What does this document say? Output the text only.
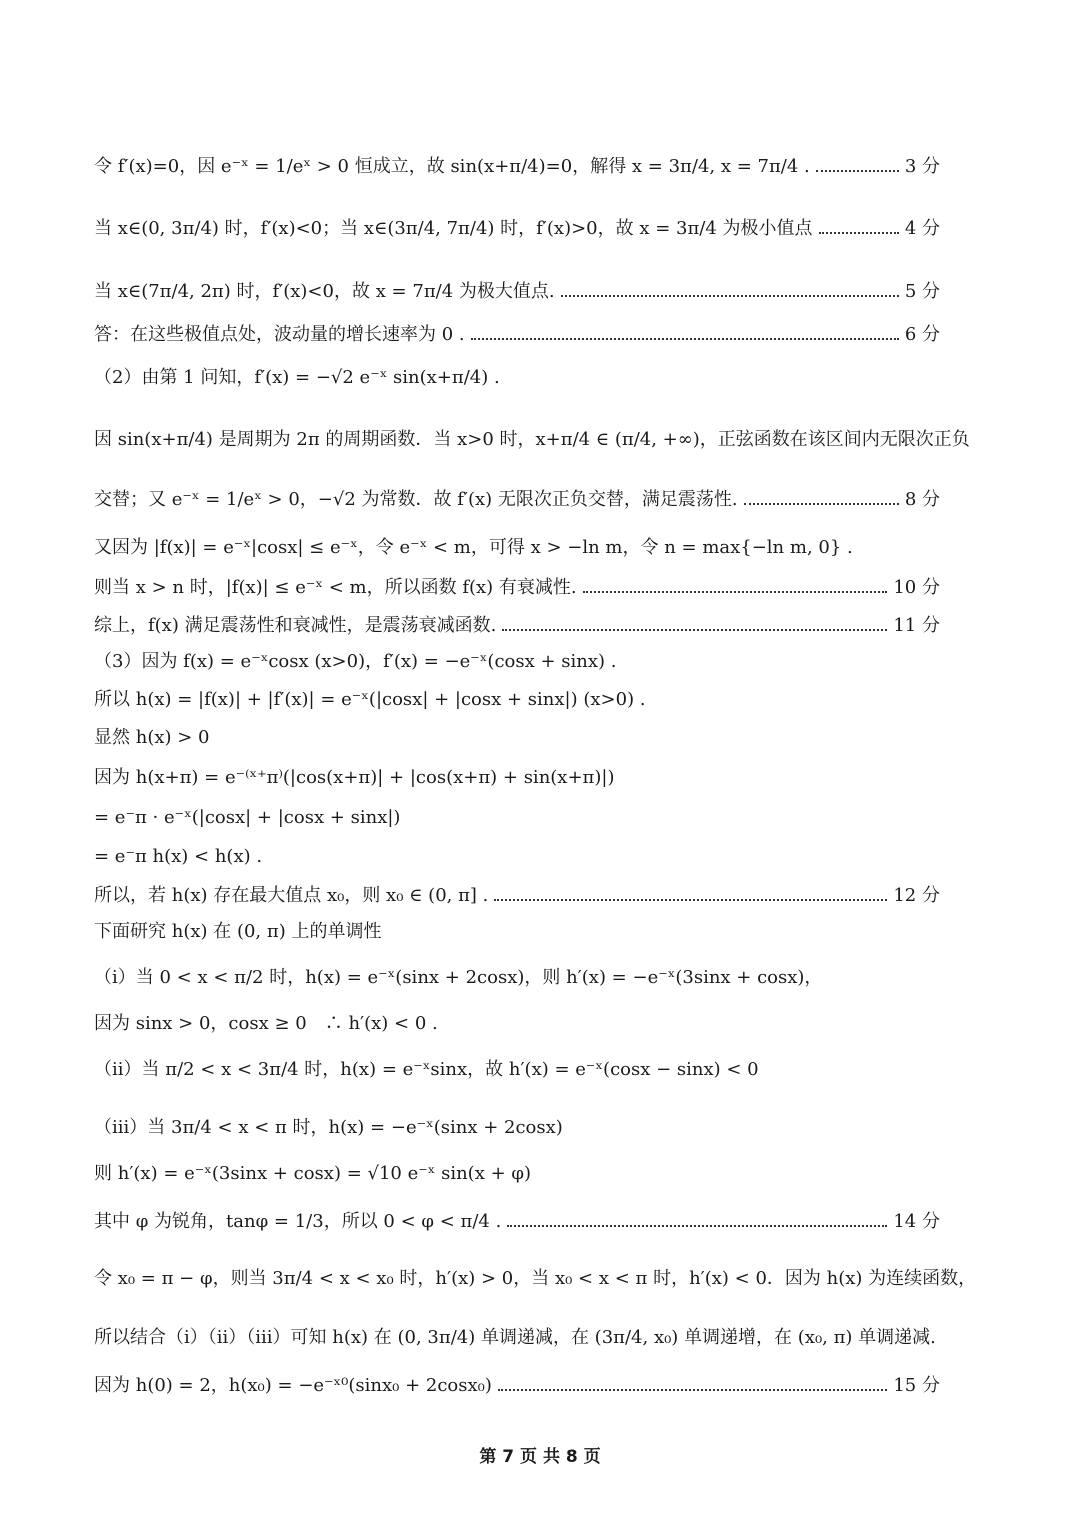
令 f′(x)=0，因 e⁻ˣ = 1/eˣ > 0 恒成立，故 sin(x+π/4)=0，解得 x = 3π/4, x = 7π/4 .	3 分
当 x∈(0, 3π/4) 时，f′(x)<0；当 x∈(3π/4, 7π/4) 时，f′(x)>0，故 x = 3π/4 为极小值点	4 分
当 x∈(7π/4, 2π) 时，f′(x)<0，故 x = 7π/4 为极大值点.	5 分
答：在这些极值点处，波动量的增长速率为 0 .	6 分
（2）由第 1 问知，f′(x) = −√2 e⁻ˣ sin(x+π/4) .
因 sin(x+π/4) 是周期为 2π 的周期函数．当 x>0 时，x+π/4 ∈ (π/4, +∞)，正弦函数在该区间内无限次正负
交替；又 e⁻ˣ = 1/eˣ > 0，−√2 为常数．故 f′(x) 无限次正负交替，满足震荡性.	8 分
又因为 |f(x)| = e⁻ˣ|cosx| ≤ e⁻ˣ，令 e⁻ˣ < m，可得 x > −ln m，令 n = max{−ln m, 0} .
则当 x > n 时，|f(x)| ≤ e⁻ˣ < m，所以函数 f(x) 有衰减性.	10 分
综上，f(x) 满足震荡性和衰减性，是震荡衰减函数.	11 分
（3）因为 f(x) = e⁻ˣcosx (x>0)，f′(x) = −e⁻ˣ(cosx + sinx) .
所以 h(x) = |f(x)| + |f′(x)| = e⁻ˣ(|cosx| + |cosx + sinx|) (x>0) .
显然 h(x) > 0
因为 h(x+π) = e⁻⁽ˣ⁺π⁾(|cos(x+π)| + |cos(x+π) + sin(x+π)|)
= e⁻π · e⁻ˣ(|cosx| + |cosx + sinx|)
= e⁻π h(x) < h(x) .
所以，若 h(x) 存在最大值点 x₀，则 x₀ ∈ (0, π] .	12 分
下面研究 h(x) 在 (0, π) 上的单调性
（i）当 0 < x < π/2 时，h(x) = e⁻ˣ(sinx + 2cosx)，则 h′(x) = −e⁻ˣ(3sinx + cosx)，
因为 sinx > 0，cosx ≥ 0　∴ h′(x) < 0 .
（ii）当 π/2 < x < 3π/4 时，h(x) = e⁻ˣsinx，故 h′(x) = e⁻ˣ(cosx − sinx) < 0
（iii）当 3π/4 < x < π 时，h(x) = −e⁻ˣ(sinx + 2cosx)
则 h′(x) = e⁻ˣ(3sinx + cosx) = √10 e⁻ˣ sin(x + φ)
其中 φ 为锐角，tanφ = 1/3，所以 0 < φ < π/4 .	14 分
令 x₀ = π − φ，则当 3π/4 < x < x₀ 时，h′(x) > 0，当 x₀ < x < π 时，h′(x) < 0．因为 h(x) 为连续函数，
所以结合（i）（ii）（iii）可知 h(x) 在 (0, 3π/4) 单调递减，在 (3π/4, x₀) 单调递增，在 (x₀, π) 单调递减.
因为 h(0) = 2，h(x₀) = −e⁻ˣ⁰(sinx₀ + 2cosx₀)	15 分
第 7 页 共 8 页
